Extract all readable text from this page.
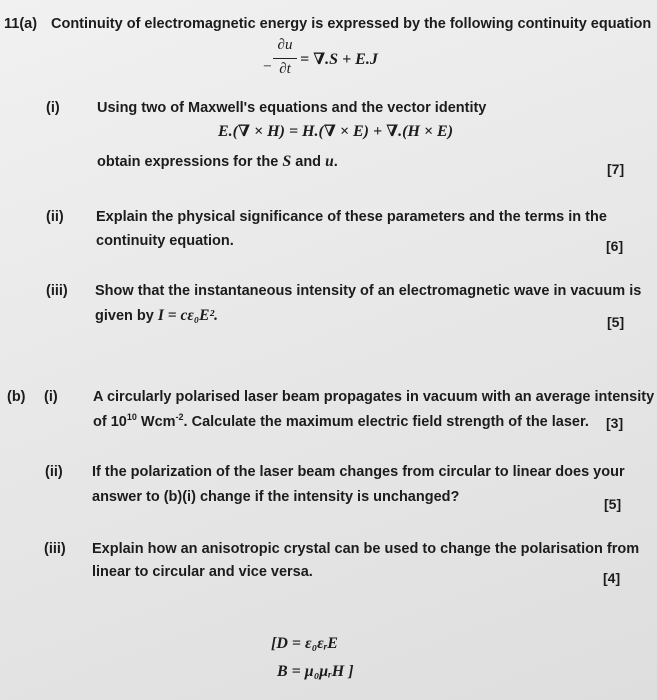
11(a) Continuity of electromagnetic energy is expressed by the following continuity equation
−
∂u
∂t
= ∇.S + E.J
(i)	Using two of Maxwell's equations and the vector identity
E.(∇ × H) = H.(∇ × E) + ∇.(H × E)
obtain expressions for the S and u.	[7]
(ii) Explain the physical significance of these parameters and the terms in the
continuity equation.	[6]
(iii) Show that the instantaneous intensity of an electromagnetic wave in vacuum is
given by I = cε₀E².	[5]
(b) (i) A circularly polarised laser beam propagates in vacuum with an average intensity
of $10^{10}$ Wcm$^{-2}$. Calculate the maximum electric field strength of the laser. [3]
(ii) If the polarization of the laser beam changes from circular to linear does your
answer to (b)(i) change if the intensity is unchanged?	[5]
(iii) Explain how an anisotropic crystal can be used to change the polarisation from
linear to circular and vice versa.	[4]
[D = ε₀εᵣE
B = μ₀μᵣH ]
